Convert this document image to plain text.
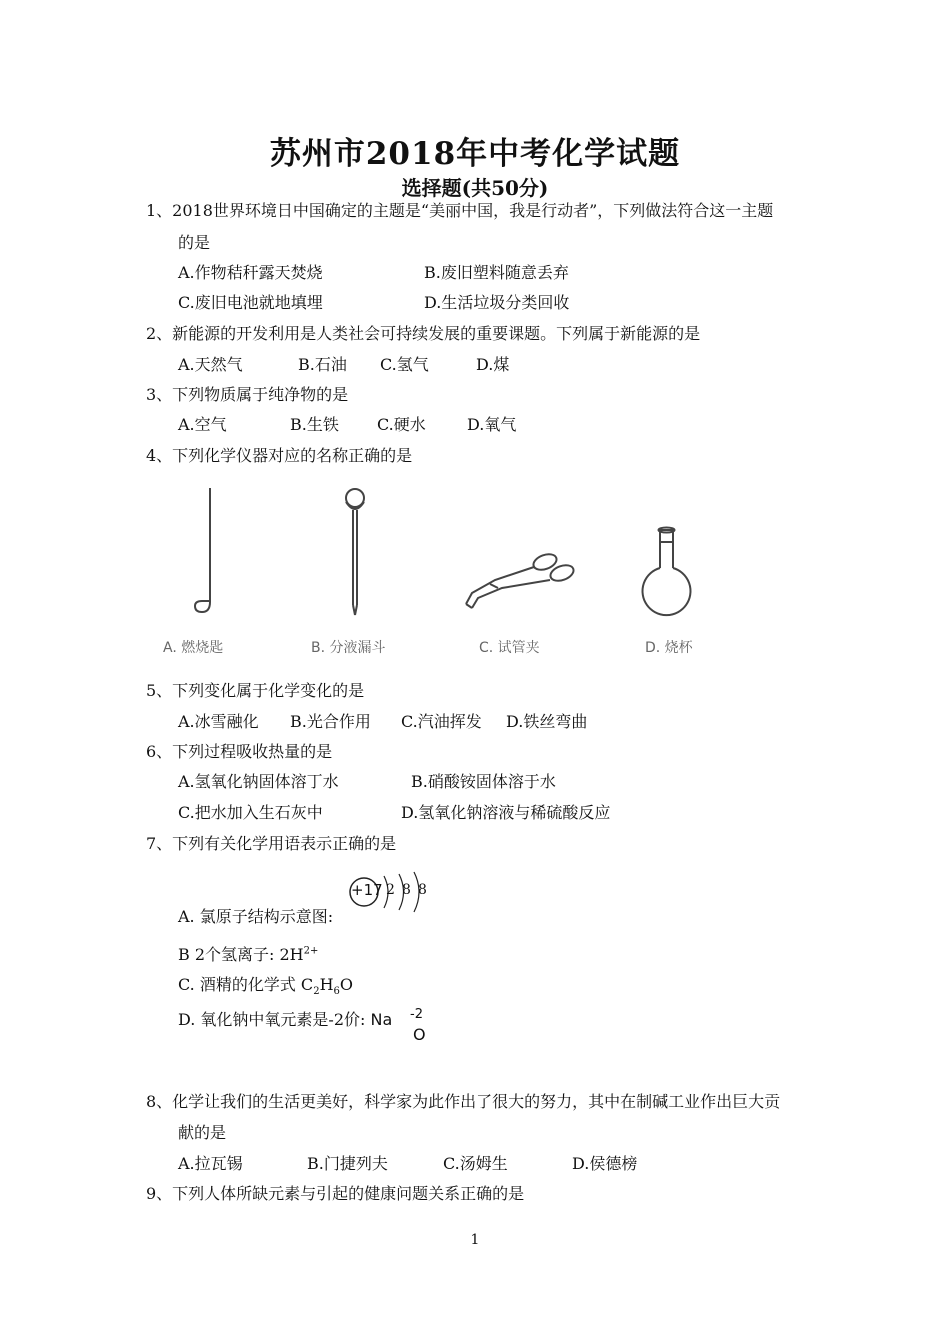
苏州市2018年中考化学试题
选择题(共50分)
1、2018世界环境日中国确定的主题是“美丽中国，我是行动者”，下列做法符合这一主题
的是
A.作物秸秆露天焚烧	B.废旧塑料随意丢弃
C.废旧电池就地填埋	D.生活垃圾分类回收
2、新能源的开发利用是人类社会可持续发展的重要课题。下列属于新能源的是
A.天然气	B.石油 C.氢气	D.煤
3、下列物质属于纯净物的是
A.空气	B.生铁 C.硬水	D.氧气
4、下列化学仪器对应的名称正确的是
A. 燃烧匙	B. 分液漏斗	C. 试管夹	D. 烧杯
5、下列变化属于化学变化的是
A.冰雪融化 B.光合作用 C.汽油挥发 D.铁丝弯曲
6、下列过程吸收热量的是
A.氢氧化钠固体溶丁水	B.硝酸铵固体溶于水
C.把水加入生石灰中	D.氢氧化钠溶液与稀硫酸反应
7、下列有关化学用语表示正确的是
A. 氯原子结构示意图:
+17 2 8 8
B 2个氢离子: $2H^{2+}$
C. 酒精的化学式 $C_2H_6O$
D. 氧化钠中氧元素是-2价: Na -2
O
8、化学让我们的生活更美好，科学家为此作出了很大的努力，其中在制碱工业作出巨大贡
献的是
A.拉瓦锡	B.门捷列夫	C.汤姆生	D.侯德榜
9、下列人体所缺元素与引起的健康问题关系正确的是
1
